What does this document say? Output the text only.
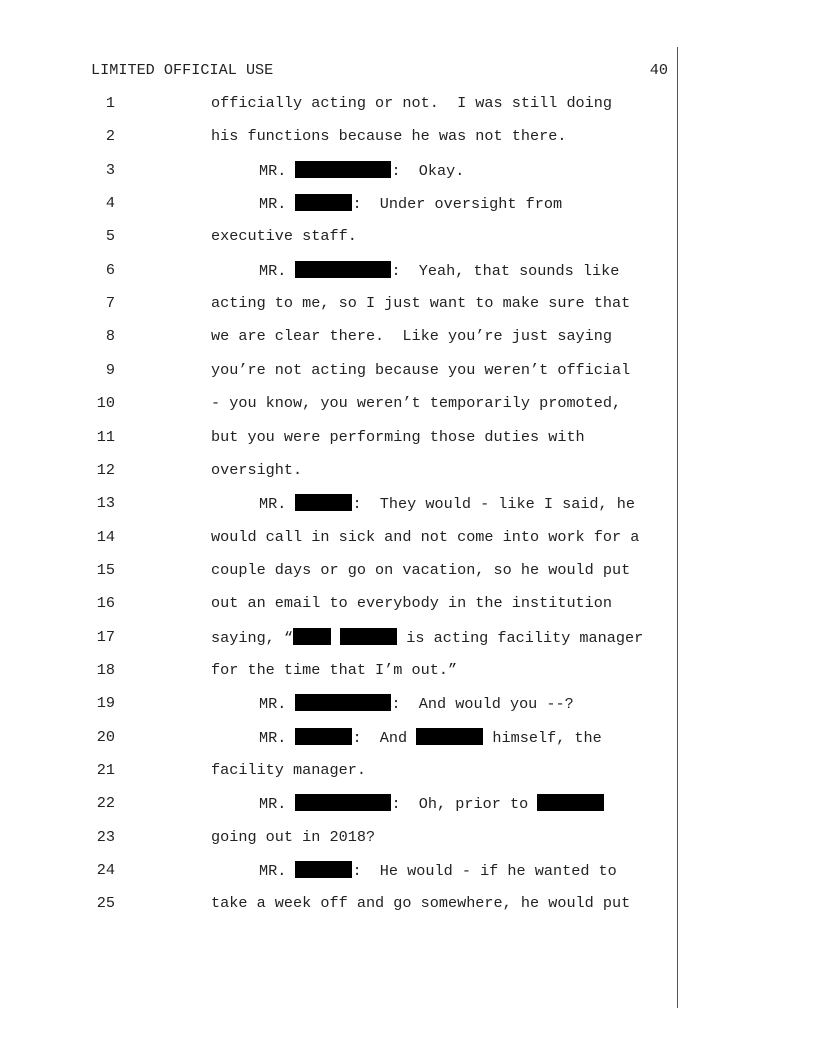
LIMITED OFFICIAL USE	40
1	officially acting or not.  I was still doing
2	his functions because he was not there.
3	MR.	:  Okay.
4	MR.	:  Under oversight from
5	executive staff.
6	MR.	:  Yeah, that sounds like
7	acting to me, so I just want to make sure that
8	we are clear there.  Like you’re just saying
9	you’re not acting because you weren’t official
10	- you know, you weren’t temporarily promoted,
11	but you were performing those duties with
12	oversight.
13	MR.	:  They would - like I said, he
14	would call in sick and not come into work for a
15	couple days or go on vacation, so he would put
16	out an email to everybody in the institution
17	saying, “	is acting facility manager
18	for the time that I’m out.”
19	MR.	:  And would you --?
20	MR.	:  And	himself, the
21	facility manager.
22	MR.	:  Oh, prior to
23	going out in 2018?
24	MR.	:  He would - if he wanted to
25	take a week off and go somewhere, he would put
